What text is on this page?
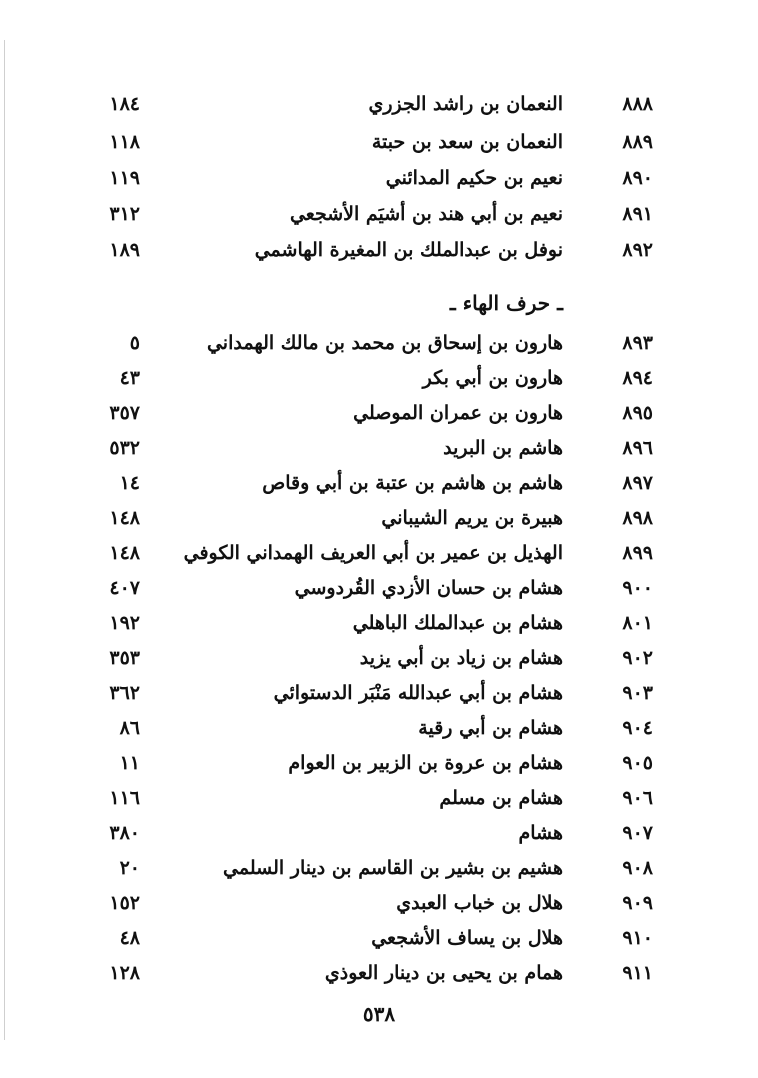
٨٨٨
النعمان بن راشد الجزري
١٨٤
٨٨٩
النعمان بن سعد بن حبتة
١١٨
٨٩٠
نعيم بن حكيم المدائني
١١٩
٨٩١
نعيم بن أبي هند بن أشيَم الأشجعي
٣١٢
٨٩٢
نوفل بن عبدالملك بن المغيرة الهاشمي
١٨٩
ـ حرف الهاء ـ
٨٩٣
هارون بن إسحاق بن محمد بن مالك الهمداني
٥
٨٩٤
هارون بن أبي بكر
٤٣
٨٩٥
هارون بن عمران الموصلي
٣٥٧
٨٩٦
هاشم بن البريد
٥٣٢
٨٩٧
هاشم بن هاشم بن عتبة بن أبي وقاص
١٤
٨٩٨
هبيرة بن يريم الشيباني
١٤٨
٨٩٩
الهذيل بن عمير بن أبي العريف الهمداني الكوفي
١٤٨
٩٠٠
هشام بن حسان الأزدي القُردوسي
٤٠٧
٨٠١
هشام بن عبدالملك الباهلي
١٩٢
٩٠٢
هشام بن زياد بن أبي يزيد
٣٥٣
٩٠٣
هشام بن أبي عبدالله مَنْبَر الدستوائي
٣٦٢
٩٠٤
هشام بن أبي رقية
٨٦
٩٠٥
هشام بن عروة بن الزبير بن العوام
١١
٩٠٦
هشام بن مسلم
١١٦
٩٠٧
هشام
٣٨٠
٩٠٨
هشيم بن بشير بن القاسم بن دينار السلمي
٢٠
٩٠٩
هلال بن خباب العبدي
١٥٢
٩١٠
هلال بن يساف الأشجعي
٤٨
٩١١
همام بن يحيى بن دينار العوذي
١٢٨
٥٣٨
